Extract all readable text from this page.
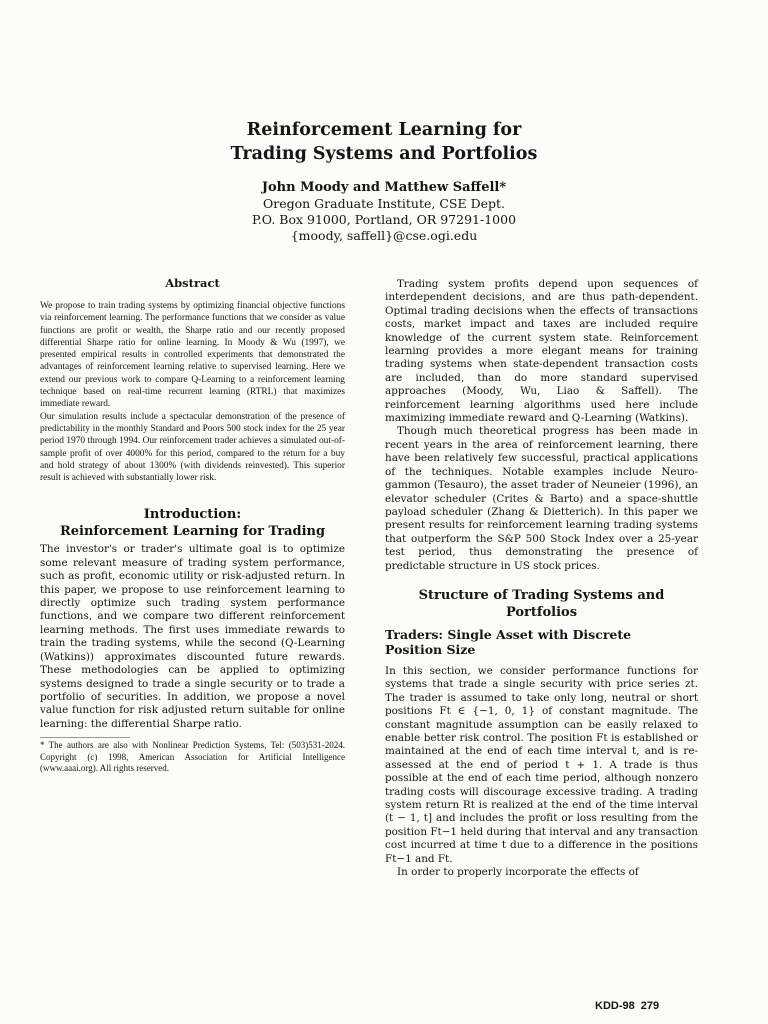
Reinforcement Learning for
Trading Systems and Portfolios
John Moody and Matthew Saffell*
Oregon Graduate Institute, CSE Dept.
P.O. Box 91000, Portland, OR 97291-1000
{moody, saffell}@cse.ogi.edu
Abstract

We propose to train trading systems by optimizing financial objective functions via reinforcement learning. The performance functions that we consider as value functions are profit or wealth, the Sharpe ratio and our recently proposed differential Sharpe ratio for online learning. In Moody & Wu (1997), we presented empirical results in controlled experiments that demonstrated the advantages of reinforcement learning relative to supervised learning. Here we extend our previous work to compare Q-Learning to a reinforcement learning technique based on real-time recurrent learning (RTRL) that maximizes immediate reward.

Our simulation results include a spectacular demonstration of the presence of predictability in the monthly Standard and Poors 500 stock index for the 25 year period 1970 through 1994. Our reinforcement trader achieves a simulated out-of-sample profit of over 4000% for this period, compared to the return for a buy and hold strategy of about 1300% (with dividends reinvested). This superior result is achieved with substantially lower risk.

Introduction:
Reinforcement Learning for Trading

The investor's or trader's ultimate goal is to optimize some relevant measure of trading system performance, such as profit, economic utility or risk-adjusted return. In this paper, we propose to use reinforcement learning to directly optimize such trading system performance functions, and we compare two different reinforcement learning methods. The first uses immediate rewards to train the trading systems, while the second (Q-Learning (Watkins)) approximates discounted future rewards. These methodologies can be applied to optimizing systems designed to trade a single security or to trade a portfolio of securities. In addition, we propose a novel value function for risk adjusted return suitable for online learning: the differential Sharpe ratio.

* The authors are also with Nonlinear Prediction Systems, Tel: (503)531-2024. Copyright (c) 1998, American Association for Artificial Intelligence (www.aaai.org). All rights reserved.

Trading system profits depend upon sequences of interdependent decisions, and are thus path-dependent. Optimal trading decisions when the effects of transactions costs, market impact and taxes are included require knowledge of the current system state. Reinforcement learning provides a more elegant means for training trading systems when state-dependent transaction costs are included, than do more standard supervised approaches (Moody, Wu, Liao & Saffell). The reinforcement learning algorithms used here include maximizing immediate reward and Q-Learning (Watkins).

Though much theoretical progress has been made in recent years in the area of reinforcement learning, there have been relatively few successful, practical applications of the techniques. Notable examples include Neuro-gammon (Tesauro), the asset trader of Neuneier (1996), an elevator scheduler (Crites & Barto) and a space-shuttle payload scheduler (Zhang & Dietterich). In this paper we present results for reinforcement learning trading systems that outperform the S&P 500 Stock Index over a 25-year test period, thus demonstrating the presence of predictable structure in US stock prices.

Structure of Trading Systems and
Portfolios
Traders: Single Asset with Discrete
Position Size

In this section, we consider performance functions for systems that trade a single security with price series zt. The trader is assumed to take only long, neutral or short positions Ft ∈ {−1, 0, 1} of constant magnitude. The constant magnitude assumption can be easily relaxed to enable better risk control. The position Ft is established or maintained at the end of each time interval t, and is re-assessed at the end of period t + 1. A trade is thus possible at the end of each time period, although nonzero trading costs will discourage excessive trading. A trading system return Rt is realized at the end of the time interval (t − 1, t] and includes the profit or loss resulting from the position Ft−1 held during that interval and any transaction cost incurred at time t due to a difference in the positions Ft−1 and Ft.

In order to properly incorporate the effects of

KDD-98 279
